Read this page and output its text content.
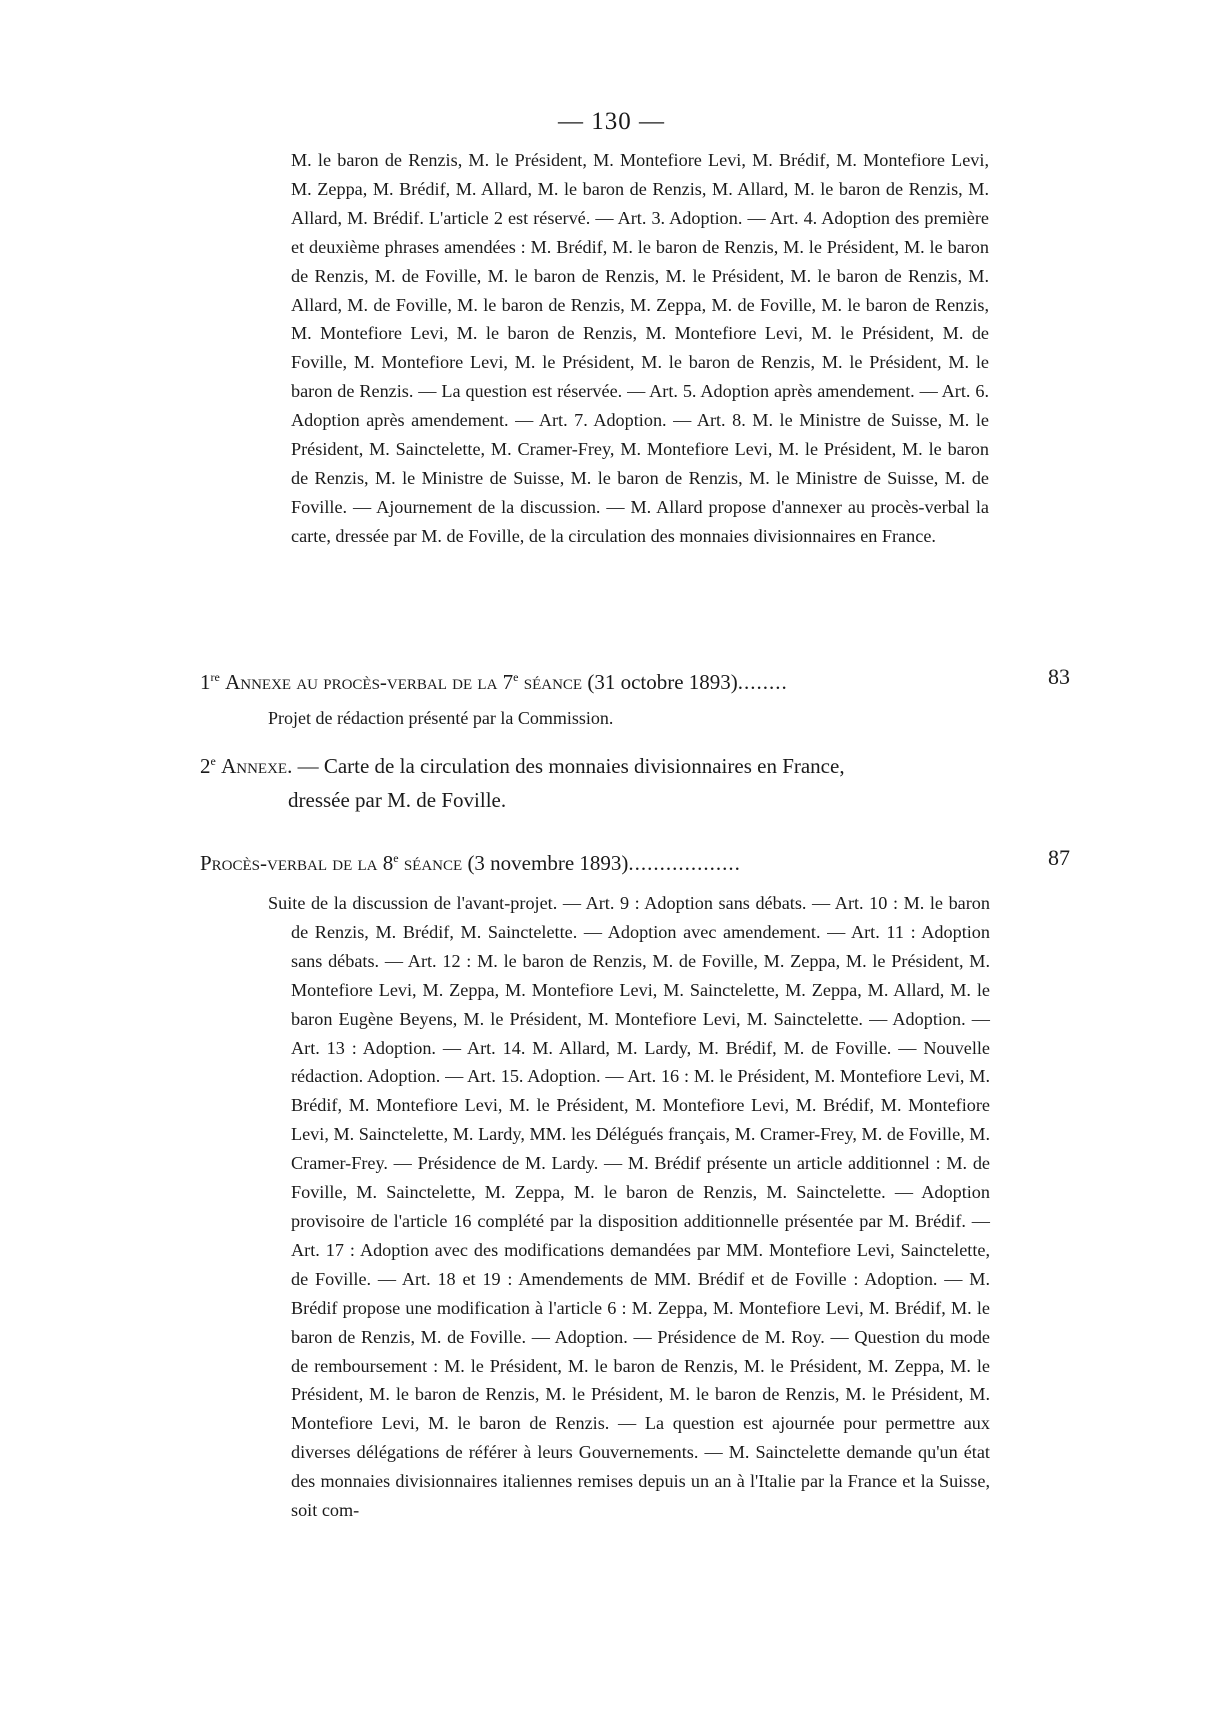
— 130 —
M. le baron de Renzis, M. le Président, M. Montefiore Levi, M. Brédif, M. Montefiore Levi, M. Zeppa, M. Brédif, M. Allard, M. le baron de Renzis, M. Allard, M. le baron de Renzis, M. Allard, M. Brédif. L'article 2 est réservé. — Art. 3. Adoption. — Art. 4. Adoption des première et deuxième phrases amendées : M. Brédif, M. le baron de Renzis, M. le Président, M. le baron de Renzis, M. de Foville, M. le baron de Renzis, M. le Président, M. le baron de Renzis, M. Allard, M. de Foville, M. le baron de Renzis, M. Zeppa, M. de Foville, M. le baron de Renzis, M. Montefiore Levi, M. le baron de Renzis, M. Montefiore Levi, M. le Président, M. de Foville, M. Montefiore Levi, M. le Président, M. le baron de Renzis, M. le Président, M. le baron de Renzis. — La question est réservée. — Art. 5. Adoption après amendement. — Art. 6. Adoption après amendement. — Art. 7. Adoption. — Art. 8. M. le Ministre de Suisse, M. le Président, M. Sainctelette, M. Cramer-Frey, M. Montefiore Levi, M. le Président, M. le baron de Renzis, M. le Ministre de Suisse, M. le baron de Renzis, M. le Ministre de Suisse, M. de Foville. — Ajournement de la discussion. — M. Allard propose d'annexer au procès-verbal la carte, dressée par M. de Foville, de la circulation des monnaies divisionnaires en France.
1re Annexe au procès-verbal de la 7e séance (31 octobre 1893)........	83
Projet de rédaction présenté par la Commission.
2e Annexe. — Carte de la circulation des monnaies divisionnaires en France,
dressée par M. de Foville.
Procès-verbal de la 8e séance (3 novembre 1893)..................	87

Suite de la discussion de l'avant-projet. — Art. 9 : Adoption sans débats. — Art. 10 : M. le baron de Renzis, M. Brédif, M. Sainctelette. — Adoption avec amendement. — Art. 11 : Adoption sans débats. — Art. 12 : M. le baron de Renzis, M. de Foville, M. Zeppa, M. le Président, M. Montefiore Levi, M. Zeppa, M. Montefiore Levi, M. Sainctelette, M. Zeppa, M. Allard, M. le baron Eugène Beyens, M. le Président, M. Montefiore Levi, M. Sainctelette. — Adoption. — Art. 13 : Adoption. — Art. 14. M. Allard, M. Lardy, M. Brédif, M. de Foville. — Nouvelle rédaction. Adoption. — Art. 15. Adoption. — Art. 16 : M. le Président, M. Montefiore Levi, M. Brédif, M. Montefiore Levi, M. le Président, M. Montefiore Levi, M. Brédif, M. Montefiore Levi, M. Sainctelette, M. Lardy, MM. les Délégués français, M. Cramer-Frey, M. de Foville, M. Cramer-Frey. — Présidence de M. Lardy. — M. Brédif présente un article additionnel : M. de Foville, M. Sainctelette, M. Zeppa, M. le baron de Renzis, M. Sainctelette. — Adoption provisoire de l'article 16 complété par la disposition additionnelle présentée par M. Brédif. — Art. 17 : Adoption avec des modifications demandées par MM. Montefiore Levi, Sainctelette, de Foville. — Art. 18 et 19 : Amendements de MM. Brédif et de Foville : Adoption. — M. Brédif propose une modification à l'article 6 : M. Zeppa, M. Montefiore Levi, M. Brédif, M. le baron de Renzis, M. de Foville. — Adoption. — Présidence de M. Roy. — Question du mode de remboursement : M. le Président, M. le baron de Renzis, M. le Président, M. Zeppa, M. le Président, M. le baron de Renzis, M. le Président, M. le baron de Renzis, M. le Président, M. Montefiore Levi, M. le baron de Renzis. — La question est ajournée pour permettre aux diverses délégations de référer à leurs Gouvernements. — M. Sainctelette demande qu'un état des monnaies divisionnaires italiennes remises depuis un an à l'Italie par la France et la Suisse, soit com-
